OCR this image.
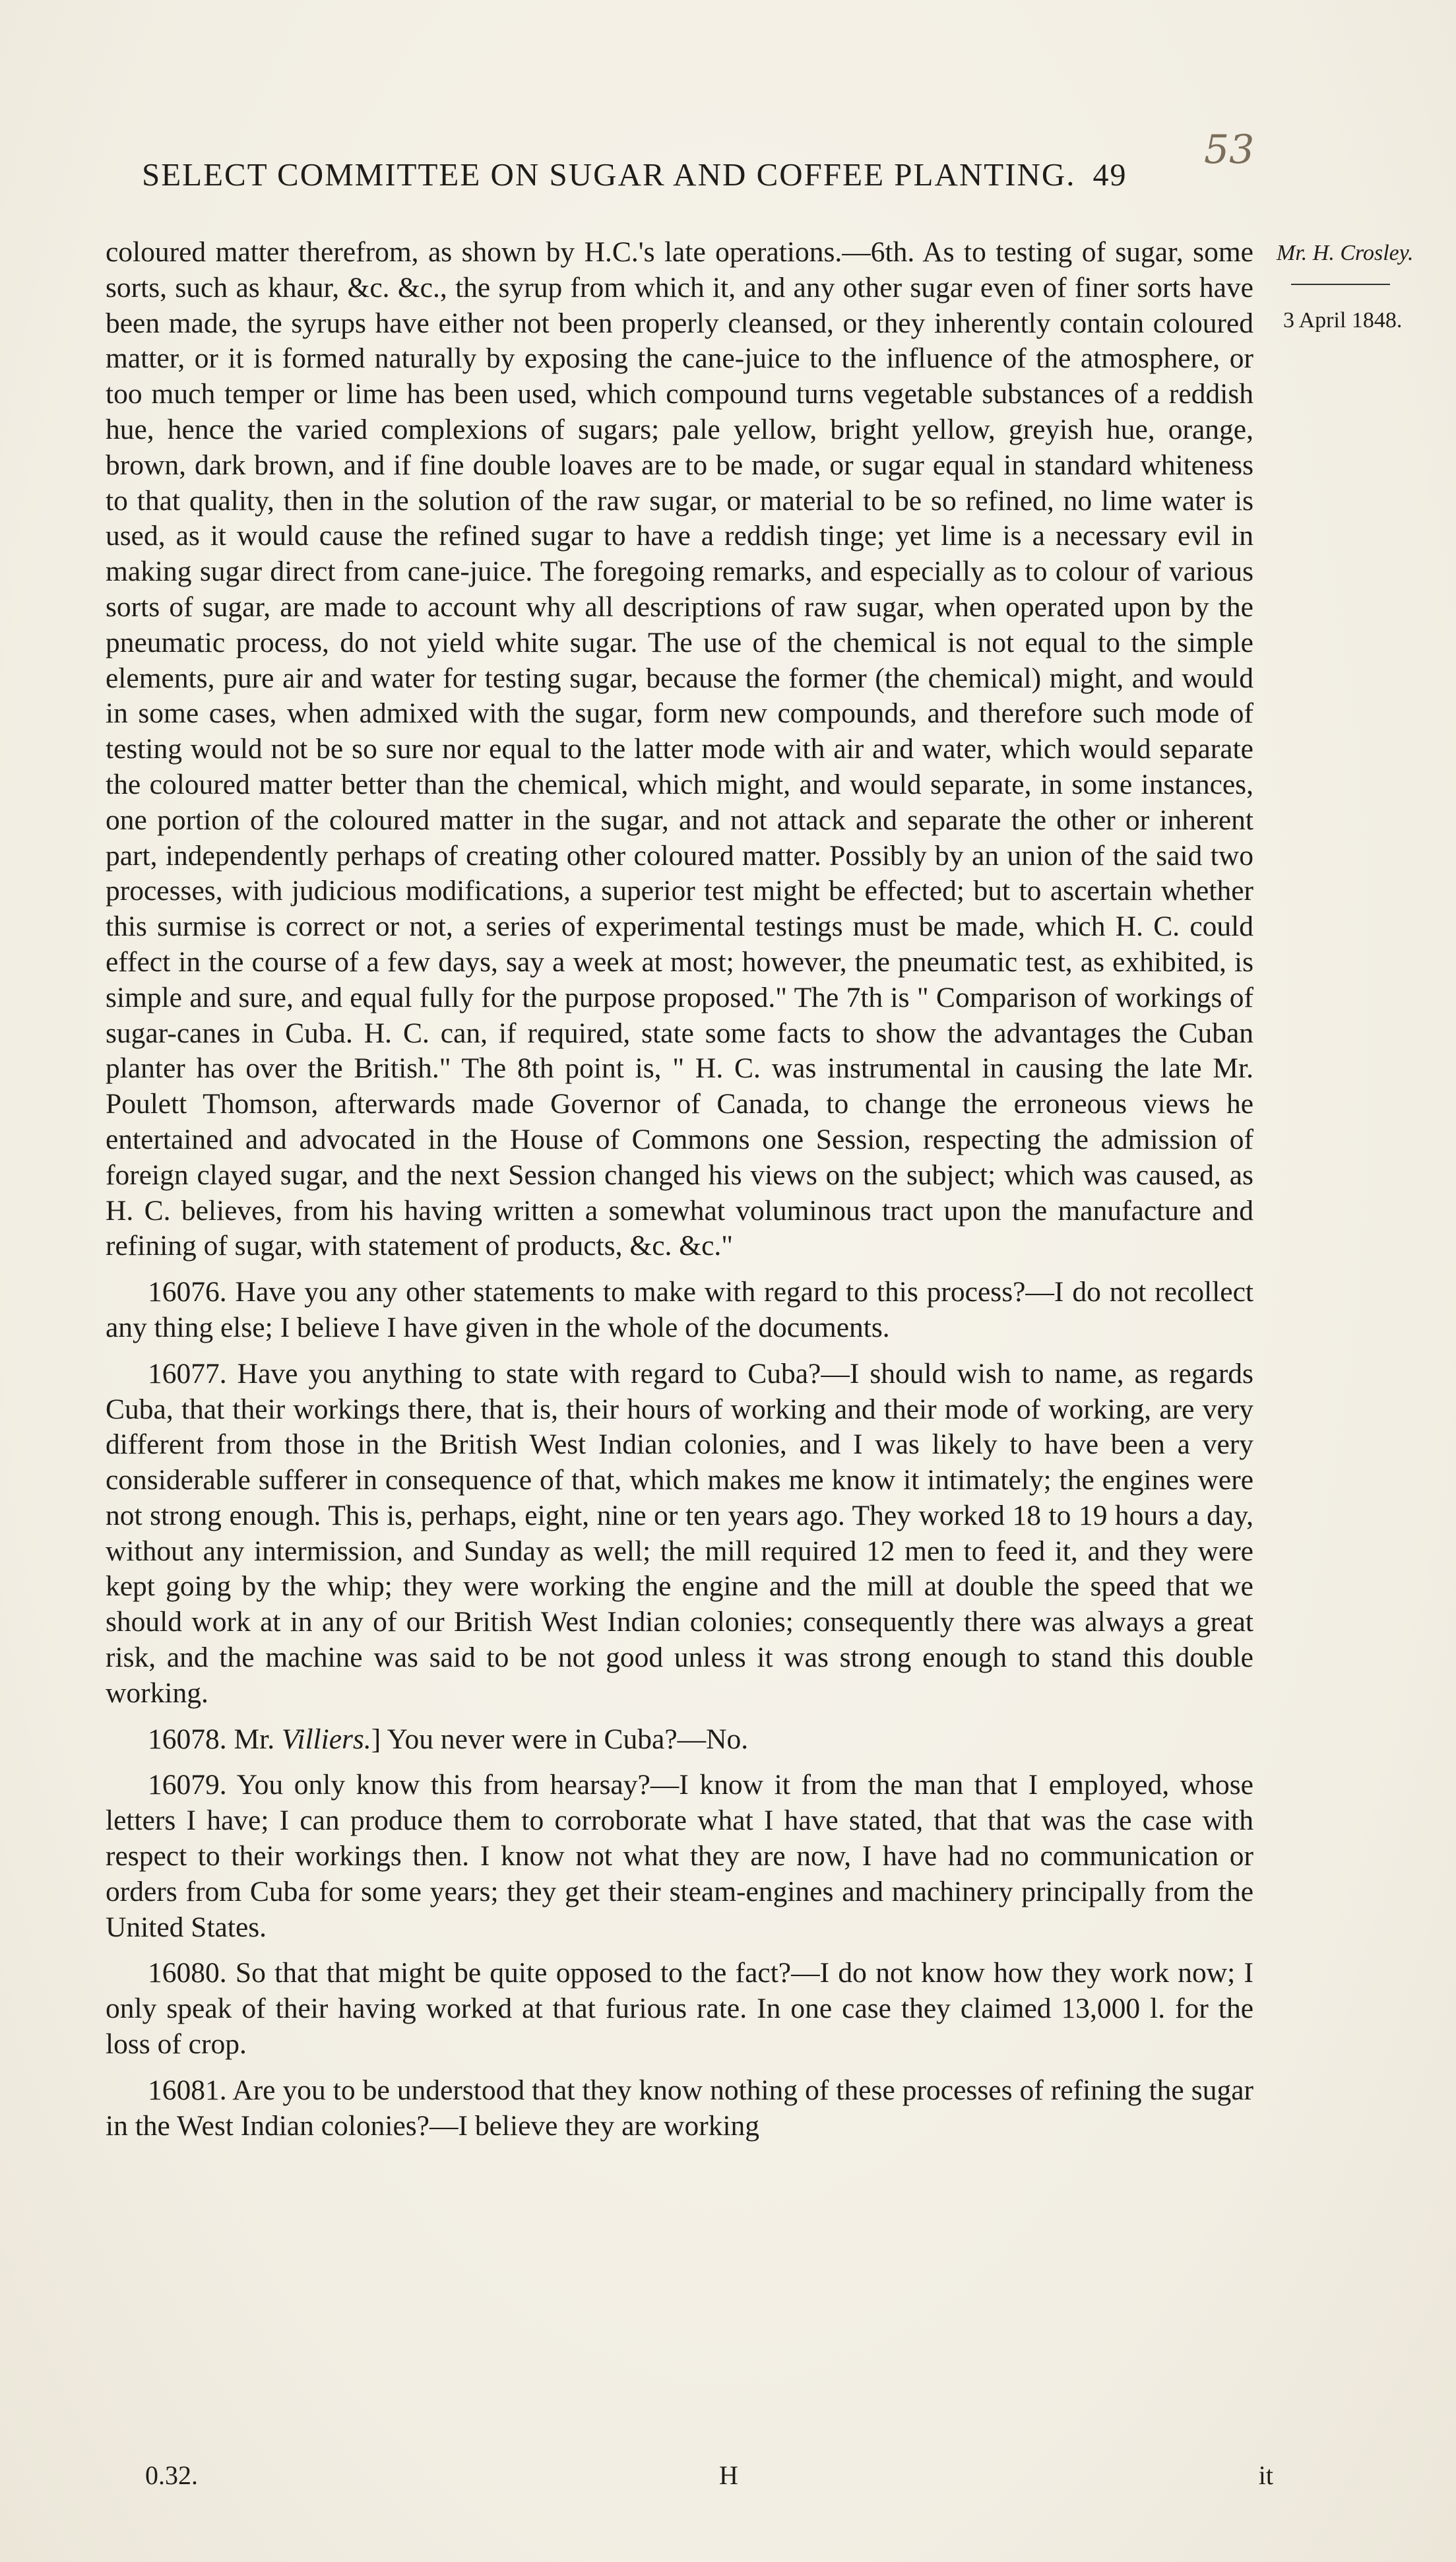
SELECT COMMITTEE ON SUGAR AND COFFEE PLANTING. 49
53
Mr. H. Crosley.
3 April 1848.

coloured matter therefrom, as shown by H.C.'s late operations.—6th. As to testing of sugar, some sorts, such as khaur, &c. &c., the syrup from which it, and any other sugar even of finer sorts have been made, the syrups have either not been properly cleansed, or they inherently contain coloured matter, or it is formed naturally by exposing the cane-juice to the influence of the atmosphere, or too much temper or lime has been used, which compound turns vegetable substances of a reddish hue, hence the varied complexions of sugars; pale yellow, bright yellow, greyish hue, orange, brown, dark brown, and if fine double loaves are to be made, or sugar equal in standard whiteness to that quality, then in the solution of the raw sugar, or material to be so refined, no lime water is used, as it would cause the refined sugar to have a reddish tinge; yet lime is a necessary evil in making sugar direct from cane-juice. The foregoing remarks, and especially as to colour of various sorts of sugar, are made to account why all descriptions of raw sugar, when operated upon by the pneumatic process, do not yield white sugar. The use of the chemical is not equal to the simple elements, pure air and water for testing sugar, because the former (the chemical) might, and would in some cases, when admixed with the sugar, form new compounds, and therefore such mode of testing would not be so sure nor equal to the latter mode with air and water, which would separate the coloured matter better than the chemical, which might, and would separate, in some instances, one portion of the coloured matter in the sugar, and not attack and separate the other or inherent part, independently perhaps of creating other coloured matter. Possibly by an union of the said two processes, with judicious modifications, a superior test might be effected; but to ascertain whether this surmise is correct or not, a series of experimental testings must be made, which H. C. could effect in the course of a few days, say a week at most; however, the pneumatic test, as exhibited, is simple and sure, and equal fully for the purpose proposed." The 7th is " Comparison of workings of sugar-canes in Cuba. H. C. can, if required, state some facts to show the advantages the Cuban planter has over the British." The 8th point is, " H. C. was instrumental in causing the late Mr. Poulett Thomson, afterwards made Governor of Canada, to change the erroneous views he entertained and advocated in the House of Commons one Session, respecting the admission of foreign clayed sugar, and the next Session changed his views on the subject; which was caused, as H. C. believes, from his having written a somewhat voluminous tract upon the manufacture and refining of sugar, with statement of products, &c. &c."

16076. Have you any other statements to make with regard to this process?—I do not recollect any thing else; I believe I have given in the whole of the documents.

16077. Have you anything to state with regard to Cuba?—I should wish to name, as regards Cuba, that their workings there, that is, their hours of working and their mode of working, are very different from those in the British West Indian colonies, and I was likely to have been a very considerable sufferer in consequence of that, which makes me know it intimately; the engines were not strong enough. This is, perhaps, eight, nine or ten years ago. They worked 18 to 19 hours a day, without any intermission, and Sunday as well; the mill required 12 men to feed it, and they were kept going by the whip; they were working the engine and the mill at double the speed that we should work at in any of our British West Indian colonies; consequently there was always a great risk, and the machine was said to be not good unless it was strong enough to stand this double working.

16078. Mr. Villiers.] You never were in Cuba?—No.

16079. You only know this from hearsay?—I know it from the man that I employed, whose letters I have; I can produce them to corroborate what I have stated, that that was the case with respect to their workings then. I know not what they are now, I have had no communication or orders from Cuba for some years; they get their steam-engines and machinery principally from the United States.

16080. So that that might be quite opposed to the fact?—I do not know how they work now; I only speak of their having worked at that furious rate. In one case they claimed 13,000 l. for the loss of crop.

16081. Are you to be understood that they know nothing of these processes of refining the sugar in the West Indian colonies?—I believe they are working

0.32.	H	it
